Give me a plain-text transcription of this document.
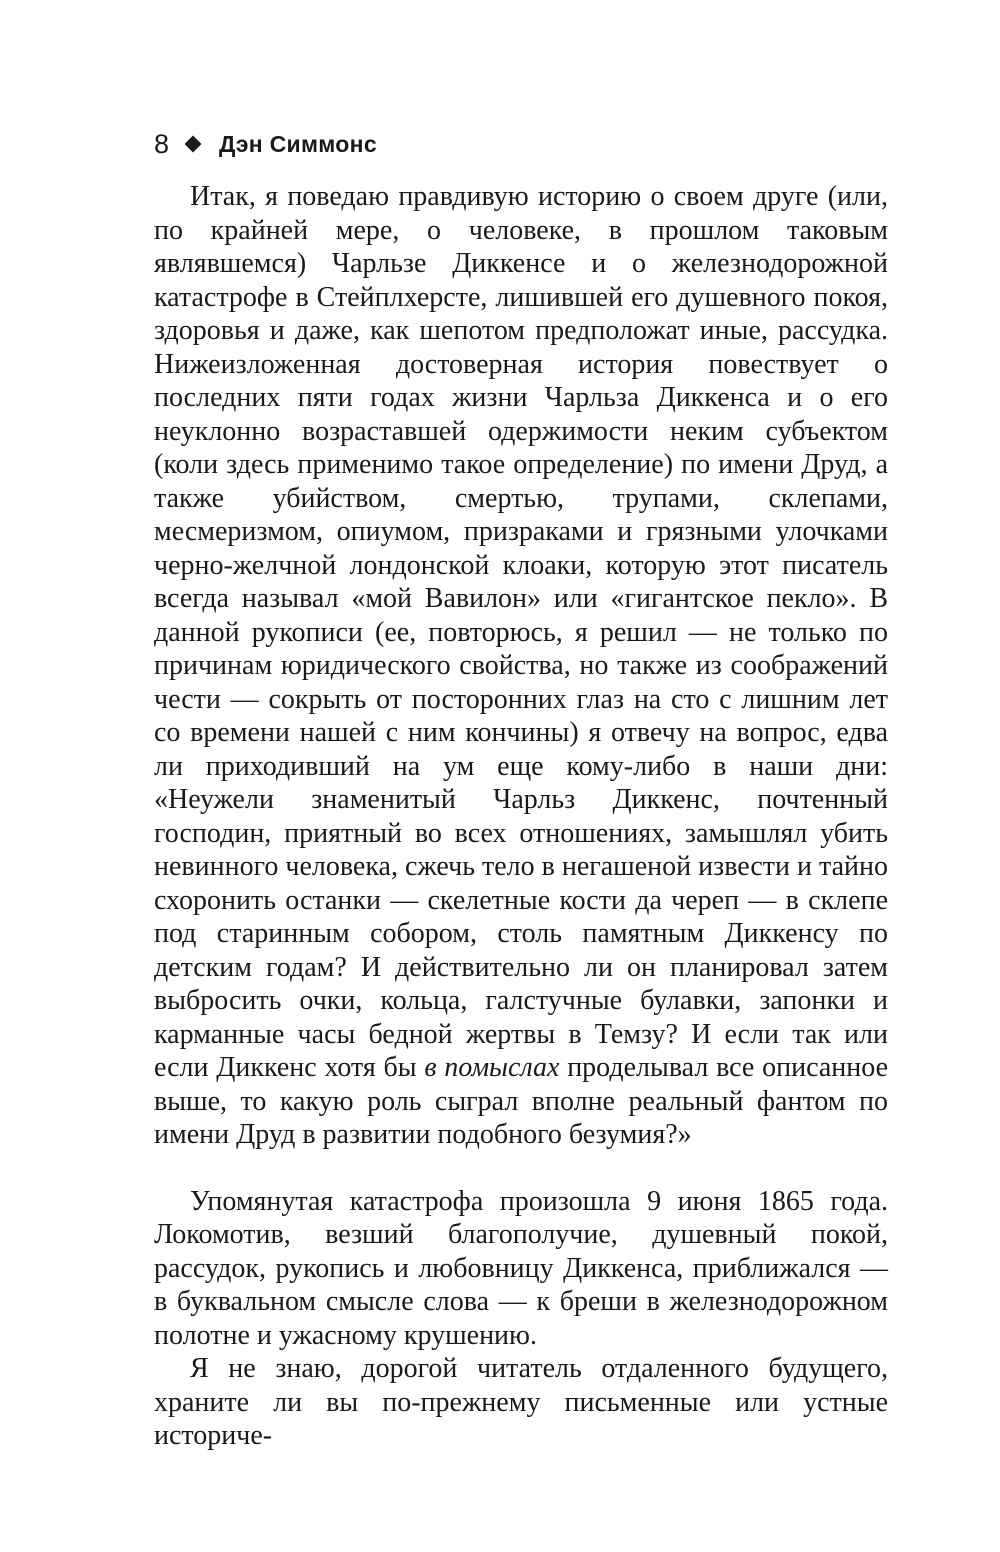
8 Дэн Симмонс

Итак, я поведаю правдивую историю о своем друге (или, по крайней мере, о человеке, в прошлом таковым являвшемся) Чарльзе Диккенсе и о железнодорожной катастрофе в Стейплхерсте, лишившей его душевного покоя, здоровья и даже, как шепотом предположат иные, рассудка. Нижеизложенная достоверная история повествует о последних пяти годах жизни Чарльза Диккенса и о его неуклонно возраставшей одержимости неким субъектом (коли здесь применимо такое определение) по имени Друд, а также убийством, смертью, трупами, склепами, месмеризмом, опиумом, призраками и грязными улочками черно-желчной лондонской клоаки, которую этот писатель всегда называл «мой Вавилон» или «гигантское пекло». В данной рукописи (ее, повторюсь, я решил — не только по причинам юридического свойства, но также из соображений чести — сокрыть от посторонних глаз на сто с лишним лет со времени нашей с ним кончины) я отвечу на вопрос, едва ли приходивший на ум еще кому-либо в наши дни: «Неужели знаменитый Чарльз Диккенс, почтенный господин, приятный во всех отношениях, замышлял убить невинного человека, сжечь тело в негашеной извести и тайно схоронить останки — скелетные кости да череп — в склепе под старинным собором, столь памятным Диккенсу по детским годам? И действительно ли он планировал затем выбросить очки, кольца, галстучные булавки, запонки и карманные часы бедной жертвы в Темзу? И если так или если Диккенс хотя бы в помыслах проделывал все описанное выше, то какую роль сыграл вполне реальный фантом по имени Друд в развитии подобного безумия?»

Упомянутая катастрофа произошла 9 июня 1865 года. Локомотив, везший благополучие, душевный покой, рассудок, рукопись и любовницу Диккенса, приближался — в буквальном смысле слова — к бреши в железнодорожном полотне и ужасному крушению.

Я не знаю, дорогой читатель отдаленного будущего, храните ли вы по-прежнему письменные или устные историче-
